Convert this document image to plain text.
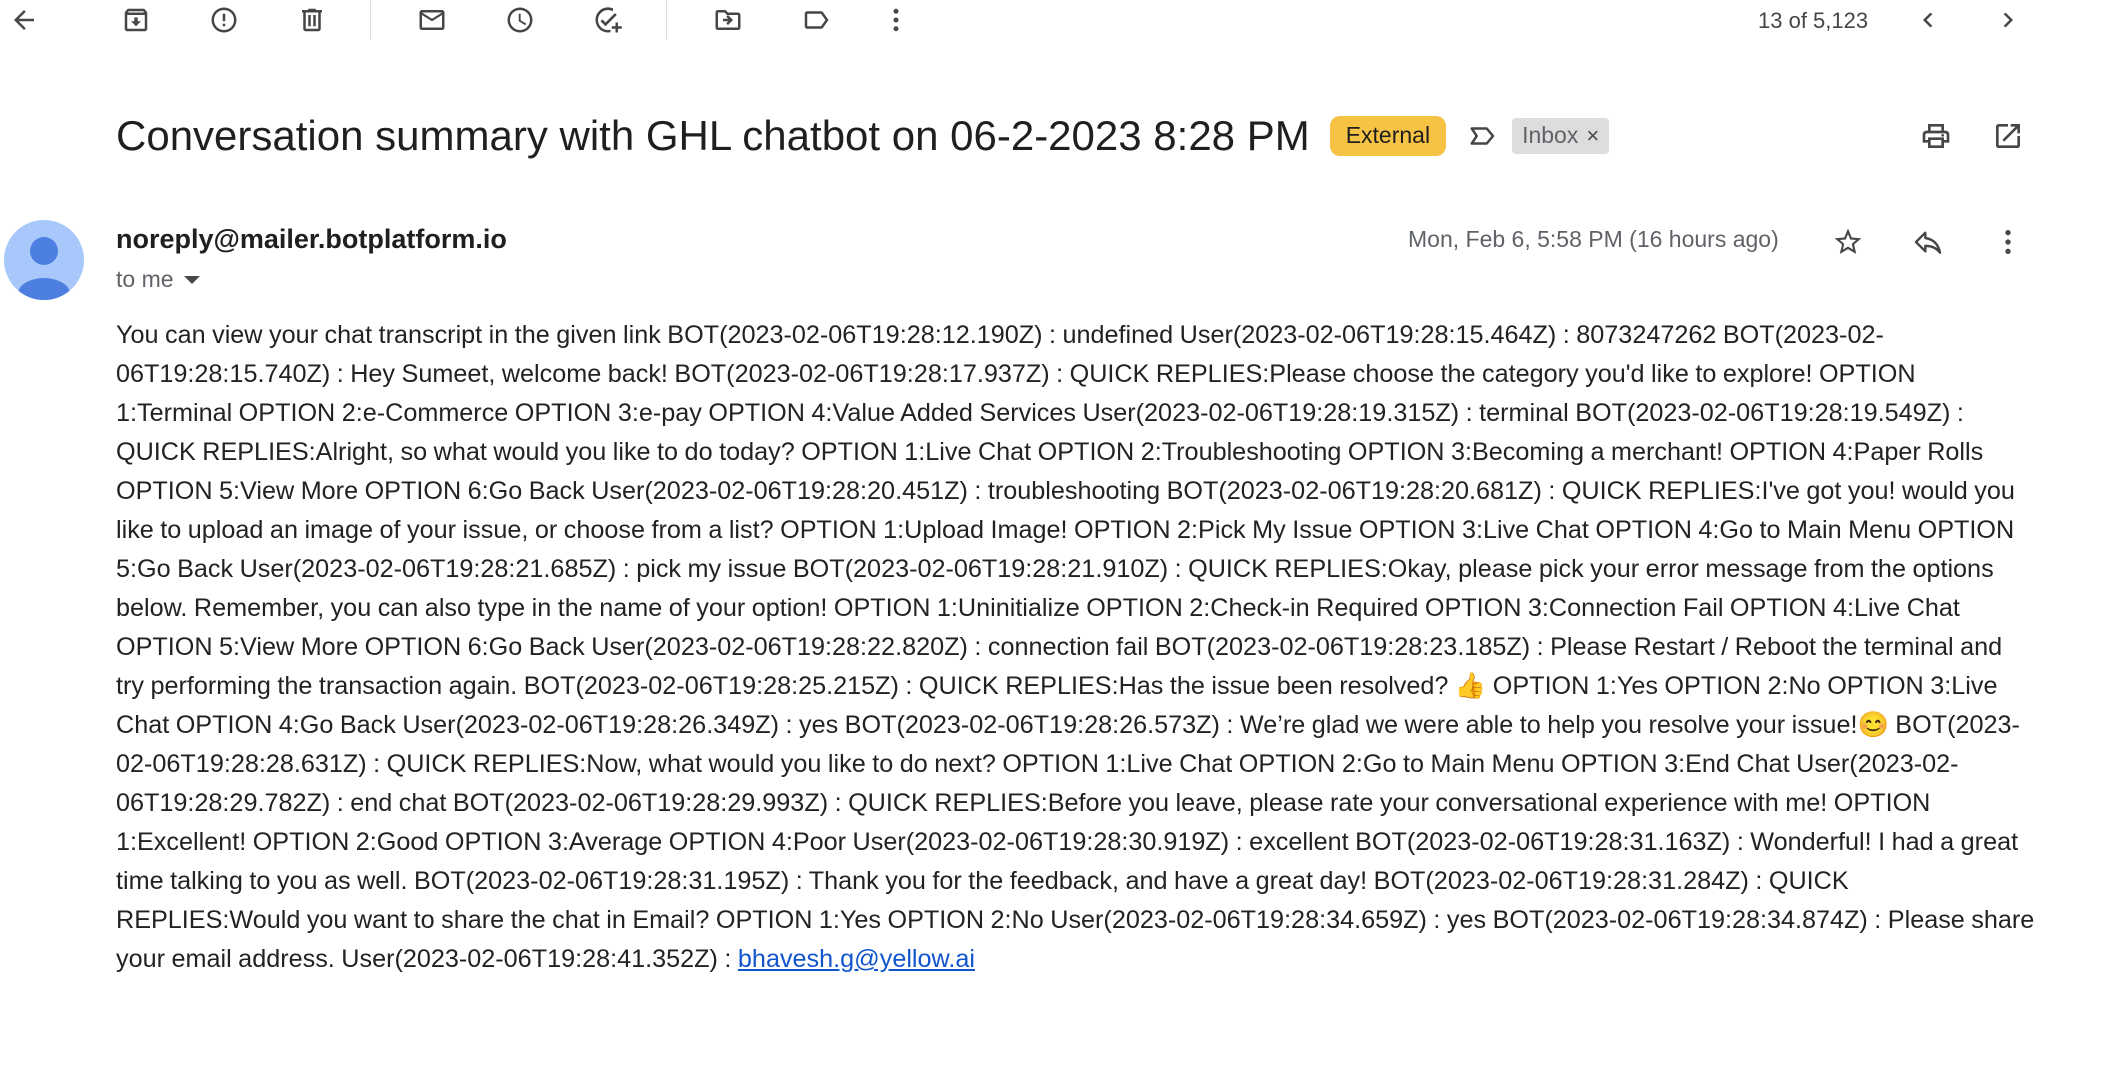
13 of 5,123
Conversation summary with GHL chatbot on 06-2-2023 8:28 PM	External	Inbox ×
noreply@mailer.botplatform.io
to me
Mon, Feb 6, 5:58 PM (16 hours ago)
You can view your chat transcript in the given link BOT(2023-02-06T19:28:12.190Z) : undefined User(2023-02-06T19:28:15.464Z) : 8073247262 BOT(2023-02-06T19:28:15.740Z) : Hey Sumeet, welcome back! BOT(2023-02-06T19:28:17.937Z) : QUICK REPLIES:Please choose the category you'd like to explore! OPTION 1:Terminal OPTION 2:e-Commerce OPTION 3:e-pay OPTION 4:Value Added Services User(2023-02-06T19:28:19.315Z) : terminal BOT(2023-02-06T19:28:19.549Z) : QUICK REPLIES:Alright, so what would you like to do today? OPTION 1:Live Chat OPTION 2:Troubleshooting OPTION 3:Becoming a merchant! OPTION 4:Paper Rolls OPTION 5:View More OPTION 6:Go Back User(2023-02-06T19:28:20.451Z) : troubleshooting BOT(2023-02-06T19:28:20.681Z) : QUICK REPLIES:I've got you! would you like to upload an image of your issue, or choose from a list? OPTION 1:Upload Image! OPTION 2:Pick My Issue OPTION 3:Live Chat OPTION 4:Go to Main Menu OPTION 5:Go Back User(2023-02-06T19:28:21.685Z) : pick my issue BOT(2023-02-06T19:28:21.910Z) : QUICK REPLIES:Okay, please pick your error message from the options below. Remember, you can also type in the name of your option! OPTION 1:Uninitialize OPTION 2:Check-in Required OPTION 3:Connection Fail OPTION 4:Live Chat OPTION 5:View More OPTION 6:Go Back User(2023-02-06T19:28:22.820Z) : connection fail BOT(2023-02-06T19:28:23.185Z) : Please Restart / Reboot the terminal and try performing the transaction again. BOT(2023-02-06T19:28:25.215Z) : QUICK REPLIES:Has the issue been resolved? 👍 OPTION 1:Yes OPTION 2:No OPTION 3:Live Chat OPTION 4:Go Back User(2023-02-06T19:28:26.349Z) : yes BOT(2023-02-06T19:28:26.573Z) : We’re glad we were able to help you resolve your issue!😊 BOT(2023-02-06T19:28:28.631Z) : QUICK REPLIES:Now, what would you like to do next? OPTION 1:Live Chat OPTION 2:Go to Main Menu OPTION 3:End Chat User(2023-02-06T19:28:29.782Z) : end chat BOT(2023-02-06T19:28:29.993Z) : QUICK REPLIES:Before you leave, please rate your conversational experience with me! OPTION 1:Excellent! OPTION 2:Good OPTION 3:Average OPTION 4:Poor User(2023-02-06T19:28:30.919Z) : excellent BOT(2023-02-06T19:28:31.163Z) : Wonderful! I had a great time talking to you as well. BOT(2023-02-06T19:28:31.195Z) : Thank you for the feedback, and have a great day! BOT(2023-02-06T19:28:31.284Z) : QUICK REPLIES:Would you want to share the chat in Email? OPTION 1:Yes OPTION 2:No User(2023-02-06T19:28:34.659Z) : yes BOT(2023-02-06T19:28:34.874Z) : Please share your email address. User(2023-02-06T19:28:41.352Z) : bhavesh.g@yellow.ai
